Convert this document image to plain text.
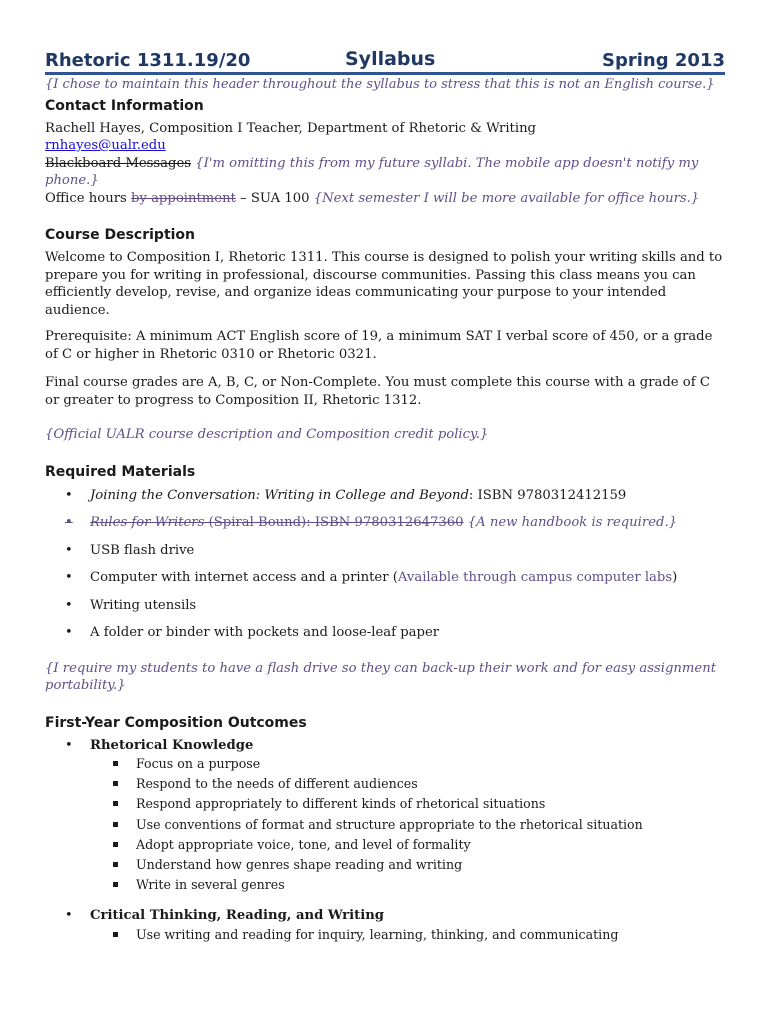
Rhetoric 1311.19/20	Syllabus	Spring 2013

{I chose to maintain this header throughout the syllabus to stress that this is not an English course.}

Contact Information

Rachell Hayes, Composition I Teacher, Department of Rhetoric & Writing

rnhayes@ualr.edu

Blackboard Messages {I'm omitting this from my future syllabi. The mobile app doesn't notify my phone.}

Office hours by appointment – SUA 100 {Next semester I will be more available for office hours.}

Course Description

Welcome to Composition I, Rhetoric 1311. This course is designed to polish your writing skills and to prepare you for writing in professional, discourse communities. Passing this class means you can efficiently develop, revise, and organize ideas communicating your purpose to your intended audience.

Prerequisite: A minimum ACT English score of 19, a minimum SAT I verbal score of 450, or a grade of C or higher in Rhetoric 0310 or Rhetoric 0321.

Final course grades are A, B, C, or Non-Complete. You must complete this course with a grade of C or greater to progress to Composition II, Rhetoric 1312.

{Official UALR course description and Composition credit policy.}

Required Materials
• Joining the Conversation: Writing in College and Beyond: ISBN 9780312412159
• Rules for Writers (Spiral Bound): ISBN 9780312647360 {A new handbook is required.}
• USB flash drive
• Computer with internet access and a printer (Available through campus computer labs)
• Writing utensils
• A folder or binder with pockets and loose-leaf paper

{I require my students to have a flash drive so they can back-up their work and for easy assignment portability.}

First-Year Composition Outcomes
• Rhetorical Knowledge
Focus on a purpose
Respond to the needs of different audiences
Respond appropriately to different kinds of rhetorical situations
Use conventions of format and structure appropriate to the rhetorical situation
Adopt appropriate voice, tone, and level of formality
Understand how genres shape reading and writing
Write in several genres
• Critical Thinking, Reading, and Writing
Use writing and reading for inquiry, learning, thinking, and communicating
